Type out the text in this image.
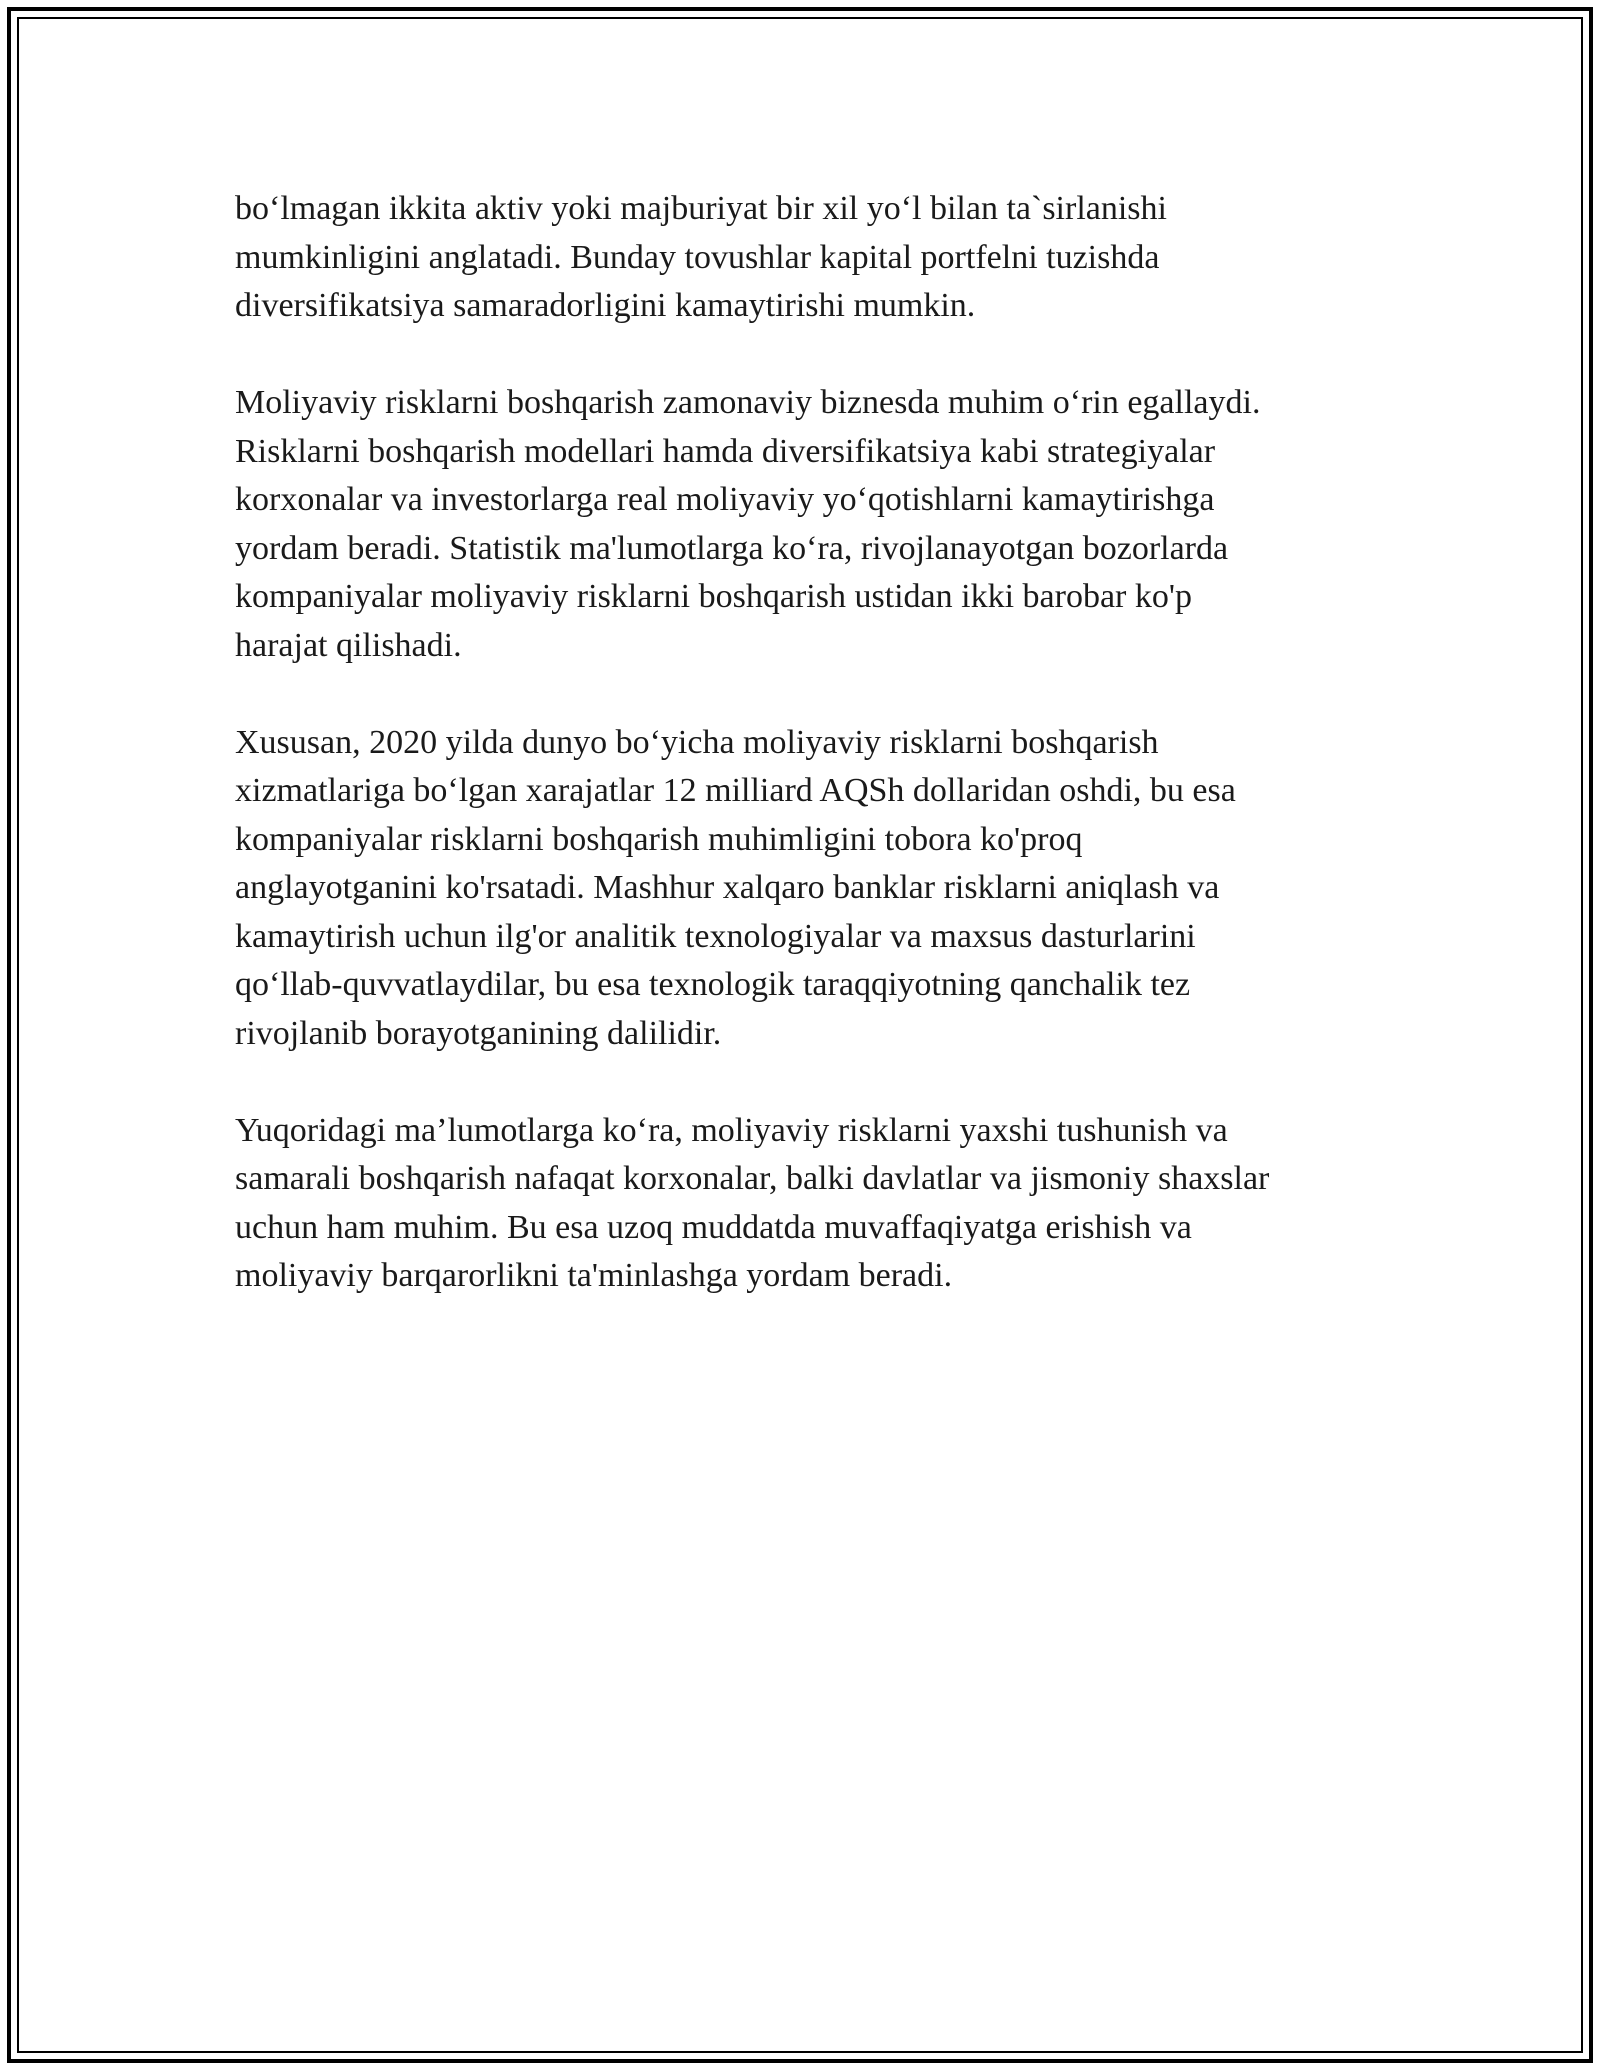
bo‘lmagan ikkita aktiv yoki majburiyat bir xil yo‘l bilan ta`sirlanishi
mumkinligini anglatadi. Bunday tovushlar kapital portfelni tuzishda
diversifikatsiya samaradorligini kamaytirishi mumkin.

Moliyaviy risklarni boshqarish zamonaviy biznesda muhim o‘rin egallaydi.
Risklarni boshqarish modellari hamda diversifikatsiya kabi strategiyalar
korxonalar va investorlarga real moliyaviy yo‘qotishlarni kamaytirishga
yordam beradi. Statistik ma'lumotlarga ko‘ra, rivojlanayotgan bozorlarda
kompaniyalar moliyaviy risklarni boshqarish ustidan ikki barobar ko'p
harajat qilishadi.

Xususan, 2020 yilda dunyo bo‘yicha moliyaviy risklarni boshqarish
xizmatlariga bo‘lgan xarajatlar 12 milliard AQSh dollaridan oshdi, bu esa
kompaniyalar risklarni boshqarish muhimligini tobora ko'proq
anglayotganini ko'rsatadi. Mashhur xalqaro banklar risklarni aniqlash va
kamaytirish uchun ilg'or analitik texnologiyalar va maxsus dasturlarini
qo‘llab-quvvatlaydilar, bu esa texnologik taraqqiyotning qanchalik tez
rivojlanib borayotganining dalilidir.

Yuqoridagi ma’lumotlarga ko‘ra, moliyaviy risklarni yaxshi tushunish va
samarali boshqarish nafaqat korxonalar, balki davlatlar va jismoniy shaxslar
uchun ham muhim. Bu esa uzoq muddatda muvaffaqiyatga erishish va
moliyaviy barqarorlikni ta'minlashga yordam beradi.
